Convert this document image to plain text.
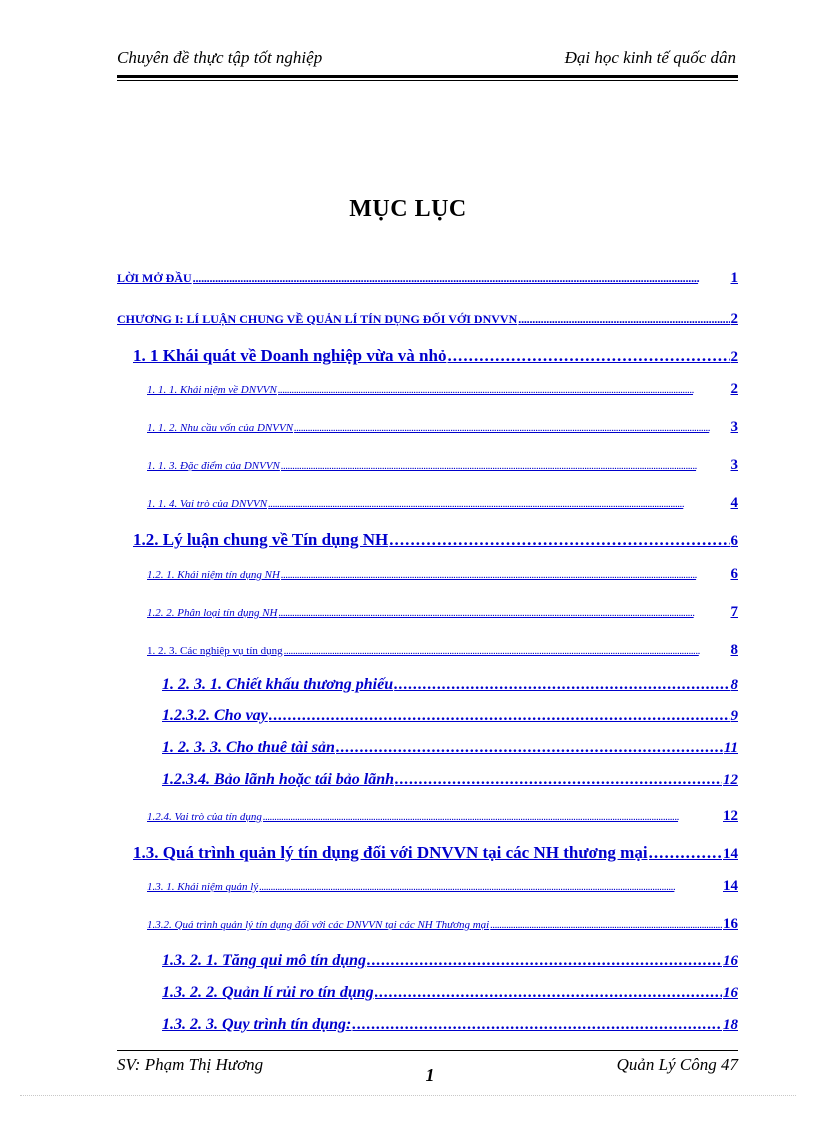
Chuyên đề thực tập tốt nghiệp	Đại học kinh tế quốc dân
MỤC LỤC
LỜI MỞ ĐẦU . . .	1
CHƯƠNG I: LÍ LUẬN CHUNG VỀ QUẢN LÍ TÍN DỤNG ĐỐI VỚI DNVVN . . .	2
1. 1 Khái quát về Doanh nghiệp vừa và nhỏ . . .	2
1. 1. 1. Khái niệm về DNVVN . . .	2
1. 1. 2. Nhu cầu vốn của DNVVN . . .	3
1. 1. 3. Đặc điểm của DNVVN . . .	3
1. 1. 4. Vai trò của DNVVN . . .	4
1.2. Lý luận chung về Tín dụng NH . . .	6
1.2. 1. Khái niệm tín dụng NH . . .	6
1.2. 2. Phân loại tín dụng NH . . .	7
1. 2. 3. Các nghiệp vụ tín dụng . . .	8
1. 2. 3. 1. Chiết khấu thương phiếu . . .	8
1.2.3.2. Cho vay . . .	9
1. 2. 3. 3. Cho thuê tài sản . . .	11
1.2.3.4. Bảo lãnh hoặc tái bảo lãnh . . .	12
1.2.4. Vai trò của tín dụng . . .	12
1.3. Quá trình quản lý tín dụng đối với DNVVN tại các NH thương mại . . .	14
1.3. 1. Khái niệm quản lý . . .	14
1.3.2. Quá trình quản lý tín dụng đối với các DNVVN tại các NH Thương mại . . .	16
1.3. 2. 1. Tăng qui mô tín dụng . . .	16
1.3. 2. 2. Quản lí rủi ro tín dụng . . .	16
1.3. 2. 3. Quy trình tín dụng: . . .	18
SV: Phạm Thị Hương	Quản Lý Công 47
1
